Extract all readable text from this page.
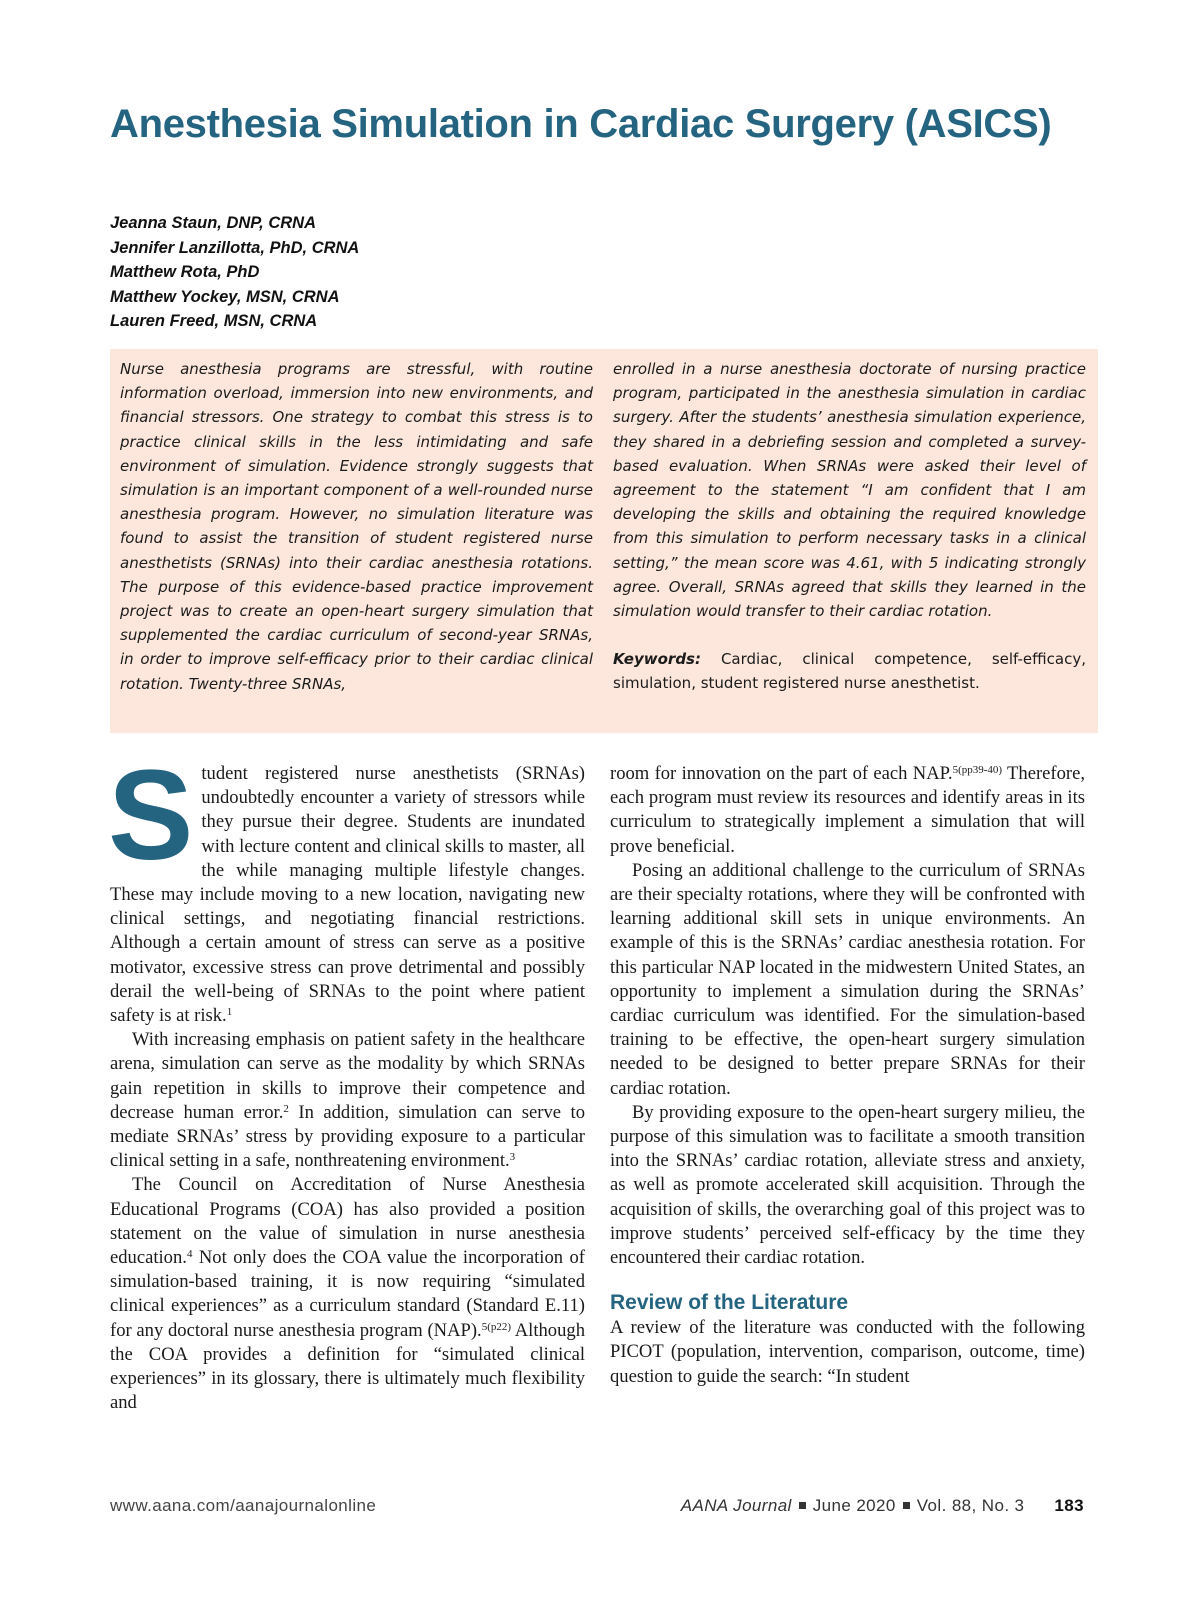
Anesthesia Simulation in Cardiac Surgery (ASICS)
Jeanna Staun, DNP, CRNA
Jennifer Lanzillotta, PhD, CRNA
Matthew Rota, PhD
Matthew Yockey, MSN, CRNA
Lauren Freed, MSN, CRNA

Nurse anesthesia programs are stressful, with routine information overload, immersion into new environments, and financial stressors. One strategy to combat this stress is to practice clinical skills in the less intimidating and safe environment of simulation. Evidence strongly suggests that simulation is an important component of a well-rounded nurse anesthesia program. However, no simulation literature was found to assist the transition of student registered nurse anesthetists (SRNAs) into their cardiac anesthesia rotations. The purpose of this evidence-based practice improvement project was to create an open-heart surgery simulation that supplemented the cardiac curriculum of second-year SRNAs, in order to improve self-efficacy prior to their cardiac clinical rotation. Twenty-three SRNAs,

enrolled in a nurse anesthesia doctorate of nursing practice program, participated in the anesthesia simulation in cardiac surgery. After the students’ anesthesia simulation experience, they shared in a debriefing session and completed a survey-based evaluation. When SRNAs were asked their level of agreement to the statement “I am confident that I am developing the skills and obtaining the required knowledge from this simulation to perform necessary tasks in a clinical setting,” the mean score was 4.61, with 5 indicating strongly agree. Overall, SRNAs agreed that skills they learned in the simulation would transfer to their cardiac rotation.

Keywords: Cardiac, clinical competence, self-efficacy, simulation, student registered nurse anesthetist.

Student registered nurse anesthetists (SRNAs) undoubtedly encounter a variety of stressors while they pursue their degree. Students are inundated with lecture content and clinical skills to master, all the while managing multiple lifestyle changes. These may include moving to a new location, navigating new clinical settings, and negotiating financial restrictions. Although a certain amount of stress can serve as a positive motivator, excessive stress can prove detrimental and possibly derail the well-being of SRNAs to the point where patient safety is at risk.$^1$

With increasing emphasis on patient safety in the healthcare arena, simulation can serve as the modality by which SRNAs gain repetition in skills to improve their competence and decrease human error.$^2$ In addition, simulation can serve to mediate SRNAs’ stress by providing exposure to a particular clinical setting in a safe, nonthreatening environment.$^3$

The Council on Accreditation of Nurse Anesthesia Educational Programs (COA) has also provided a position statement on the value of simulation in nurse anesthesia education.$^4$ Not only does the COA value the incorporation of simulation-based training, it is now requiring “simulated clinical experiences” as a curriculum standard (Standard E.11) for any doctoral nurse anesthesia program (NAP).$^{5(p22)}$ Although the COA provides a definition for “simulated clinical experiences” in its glossary, there is ultimately much flexibility and

room for innovation on the part of each NAP.$^{5(pp39-40)}$ Therefore, each program must review its resources and identify areas in its curriculum to strategically implement a simulation that will prove beneficial.

Posing an additional challenge to the curriculum of SRNAs are their specialty rotations, where they will be confronted with learning additional skill sets in unique environments. An example of this is the SRNAs’ cardiac anesthesia rotation. For this particular NAP located in the midwestern United States, an opportunity to implement a simulation during the SRNAs’ cardiac curriculum was identified. For the simulation-based training to be effective, the open-heart surgery simulation needed to be designed to better prepare SRNAs for their cardiac rotation.

By providing exposure to the open-heart surgery milieu, the purpose of this simulation was to facilitate a smooth transition into the SRNAs’ cardiac rotation, alleviate stress and anxiety, as well as promote accelerated skill acquisition. Through the acquisition of skills, the overarching goal of this project was to improve students’ perceived self-efficacy by the time they encountered their cardiac rotation.

Review of the Literature

A review of the literature was conducted with the following PICOT (population, intervention, comparison, outcome, time) question to guide the search: “In student

www.aana.com/aanajournalonline	AANA Journal June 2020 Vol. 88, No. 3 183
